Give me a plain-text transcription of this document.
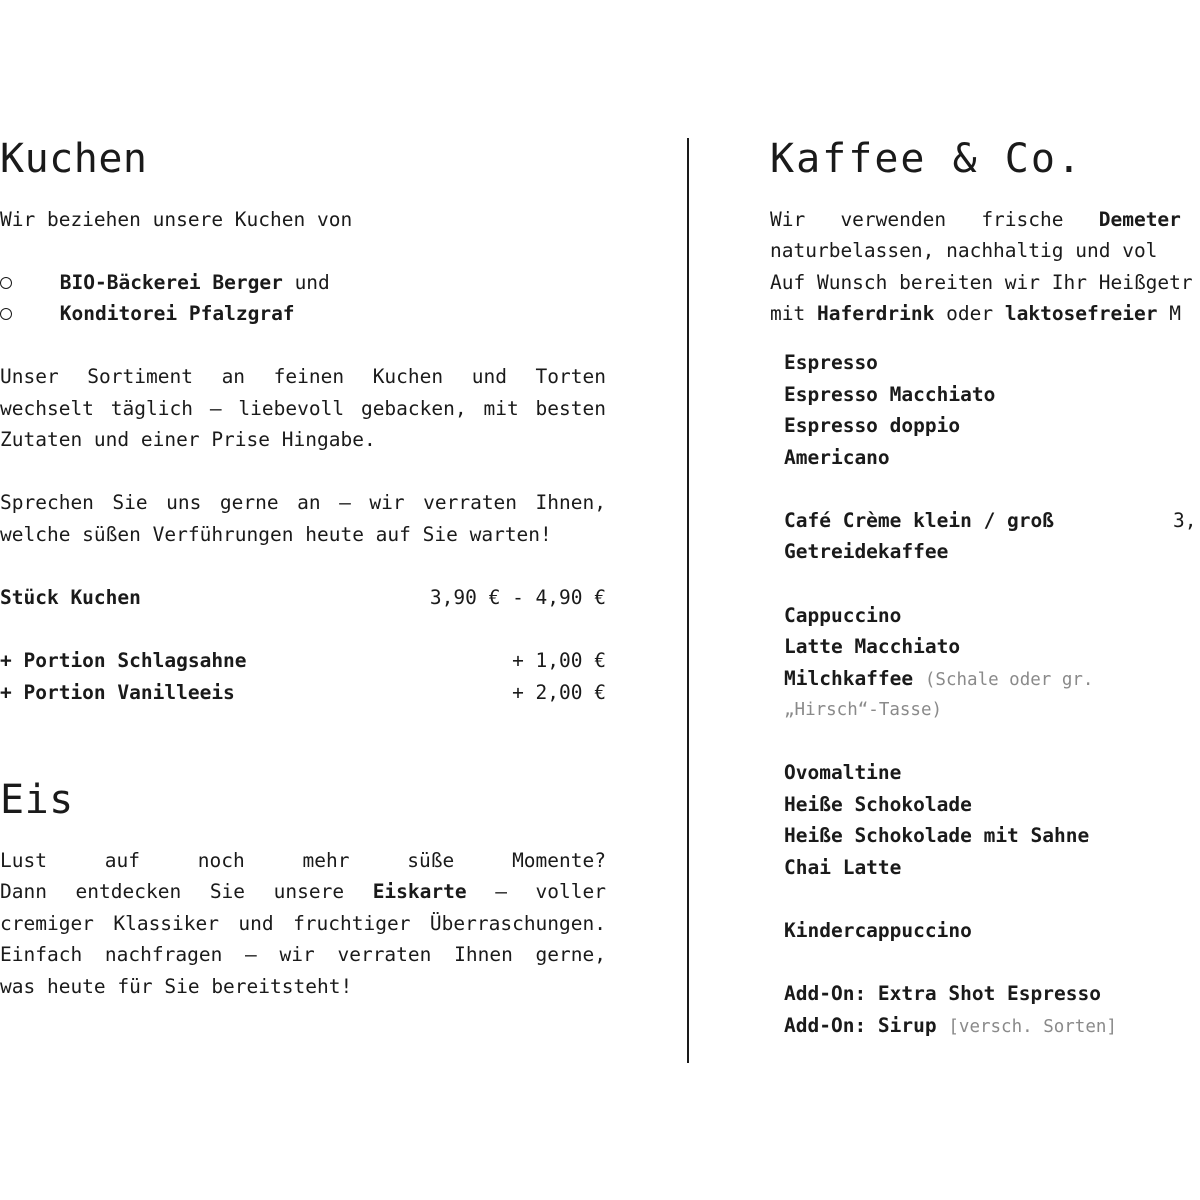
Kuchen
Wir beziehen unsere Kuchen von
BIO-Bäckerei Berger und
Konditorei Pfalzgraf
Unser Sortiment an feinen Kuchen und Torten
wechselt täglich – liebevoll gebacken, mit besten
Zutaten und einer Prise Hingabe.
Sprechen Sie uns gerne an – wir verraten Ihnen,
welche süßen Verführungen heute auf Sie warten!
Stück Kuchen	3,90 € - 4,90 €
+ Portion Schlagsahne	+ 1,00 €
+ Portion Vanilleeis	+ 2,00 €
Eis
Lust auf noch mehr süße Momente?
Dann entdecken Sie unsere Eiskarte – voller
cremiger Klassiker und fruchtiger Überraschungen.
Einfach nachfragen – wir verraten Ihnen gerne,
was heute für Sie bereitsteht!
Kaffee & Co.
Wir   verwenden   frische Demeter
naturbelassen, nachhaltig und vol
Auf Wunsch bereiten wir Ihr Heißgetr
mit Haferdrink oder laktosefreier M
Espresso
Espresso Macchiato
Espresso doppio
Americano
Café Crème klein / groß	3,
Getreidekaffee
Cappuccino
Latte Macchiato
Milchkaffee (Schale oder gr.
„Hirsch“-Tasse)
Ovomaltine
Heiße Schokolade
Heiße Schokolade mit Sahne
Chai Latte
Kindercappuccino
Add-On: Extra Shot Espresso
Add-On: Sirup [versch. Sorten]
